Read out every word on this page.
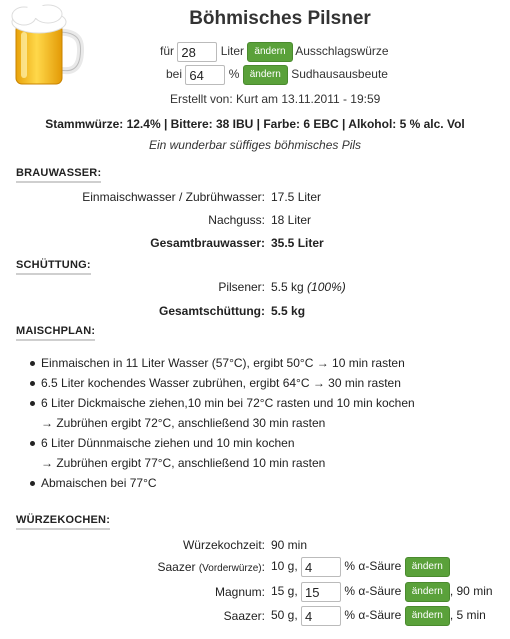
Böhmisches Pilsner
für 28	Liter ändern Ausschlagswürze
bei 64	% ändern Sudhausausbeute
Erstellt von: Kurt am 13.11.2011 - 19:59
Stammwürze: 12.4% | Bittere: 38 IBU | Farbe: 6 EBC | Alkohol: 5 % alc. Vol
Ein wunderbar süffiges böhmisches Pils
BRAUWASSER:
Einmaischwasser / Zubrühwasser: 17.5 Liter
Nachguss: 18 Liter
Gesamtbrauwasser: 35.5 Liter
SCHÜTTUNG:
Pilsener: 5.5 kg (100%)
Gesamtschüttung: 5.5 kg
MAISCHPLAN:
Einmaischen in 11 Liter Wasser (57°C), ergibt 50°C → 10 min rasten
6.5 Liter kochendes Wasser zubrühen, ergibt 64°C → 30 min rasten
6 Liter Dickmaische ziehen,10 min bei 72°C rasten und 10 min kochen
→ Zubrühen ergibt 72°C, anschließend 30 min rasten
6 Liter Dünnmaische ziehen und 10 min kochen
→ Zubrühen ergibt 77°C, anschließend 10 min rasten
Abmaischen bei 77°C
WÜRZEKOCHEN:
Würzekochzeit: 90 min
Saazer (Vorderwürze): 10 g, 4	% α-Säure ändern
Magnum: 15 g, 15	% α-Säure ändern , 90 min
Saazer: 50 g, 4	% α-Säure ändern , 5 min
